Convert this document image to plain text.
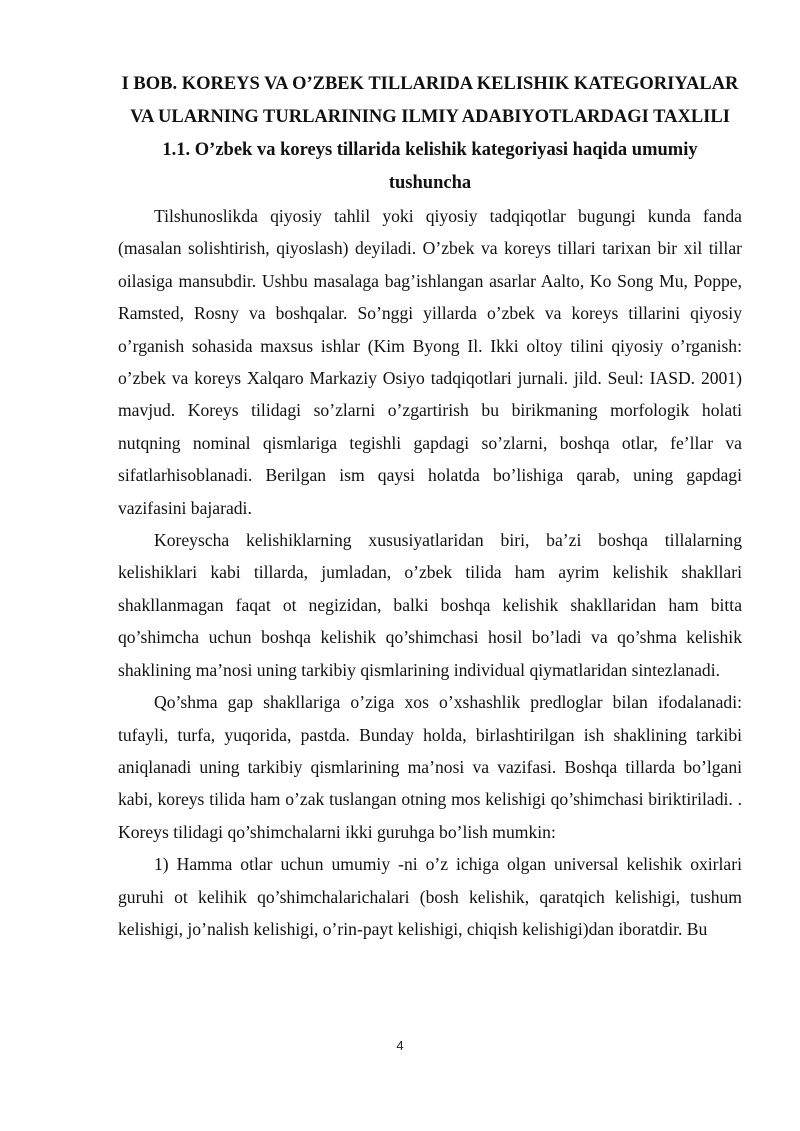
I BOB. KOREYS VA O’ZBEK TILLARIDA KELISHIK KATEGORIYALAR VA ULARNING TURLARINING ILMIY ADABIYOTLARDAGI TAXLILI
1.1. O’zbek va koreys tillarida kelishik kategoriyasi haqida umumiy tushuncha

Tilshunoslikda qiyosiy tahlil yoki qiyosiy tadqiqotlar bugungi kunda fanda (masalan solishtirish, qiyoslash) deyiladi. O’zbek va koreys tillari tarixan bir xil tillar oilasiga mansubdir. Ushbu masalaga bag’ishlangan asarlar Aalto, Ko Song Mu, Poppe, Ramsted, Rosny va boshqalar. So’nggi yillarda o’zbek va koreys tillarini qiyosiy o’rganish sohasida maxsus ishlar (Kim Byong Il. Ikki oltoy tilini qiyosiy o’rganish: o’zbek va koreys Xalqaro Markaziy Osiyo tadqiqotlari jurnali. jild. Seul: IASD. 2001) mavjud. Koreys tilidagi so’zlarni o’zgartirish bu birikmaning morfologik holati nutqning nominal qismlariga tegishli gapdagi so’zlarni, boshqa otlar, fe’llar va sifatlarhisoblanadi. Berilgan ism qaysi holatda bo’lishiga qarab, uning gapdagi vazifasini bajaradi.

Koreyscha kelishiklarning xususiyatlaridan biri, ba’zi boshqa tillalarning kelishiklari kabi tillarda, jumladan, o’zbek tilida ham ayrim kelishik shakllari shakllanmagan faqat ot negizidan, balki boshqa kelishik shakllaridan ham bitta qo’shimcha uchun boshqa kelishik qo’shimchasi hosil bo’ladi va qo’shma kelishik shaklining ma’nosi uning tarkibiy qismlarining individual qiymatlaridan sintezlanadi.

Qo’shma gap shakllariga o’ziga xos o’xshashlik predloglar bilan ifodalanadi: tufayli, turfa, yuqorida, pastda. Bunday holda, birlashtirilgan ish shaklining tarkibi aniqlanadi uning tarkibiy qismlarining ma’nosi va vazifasi. Boshqa tillarda bo’lgani kabi, koreys tilida ham o’zak tuslangan otning mos kelishigi qo’shimchasi biriktiriladi. . Koreys tilidagi qo’shimchalarni ikki guruhga bo’lish mumkin:

1) Hamma otlar uchun umumiy -ni o’z ichiga olgan universal kelishik oxirlari guruhi ot kelihik qo’shimchalarichalari (bosh kelishik, qaratqich kelishigi, tushum kelishigi, jo’nalish kelishigi, o’rin-payt kelishigi, chiqish kelishigi)dan iboratdir. Bu

4
